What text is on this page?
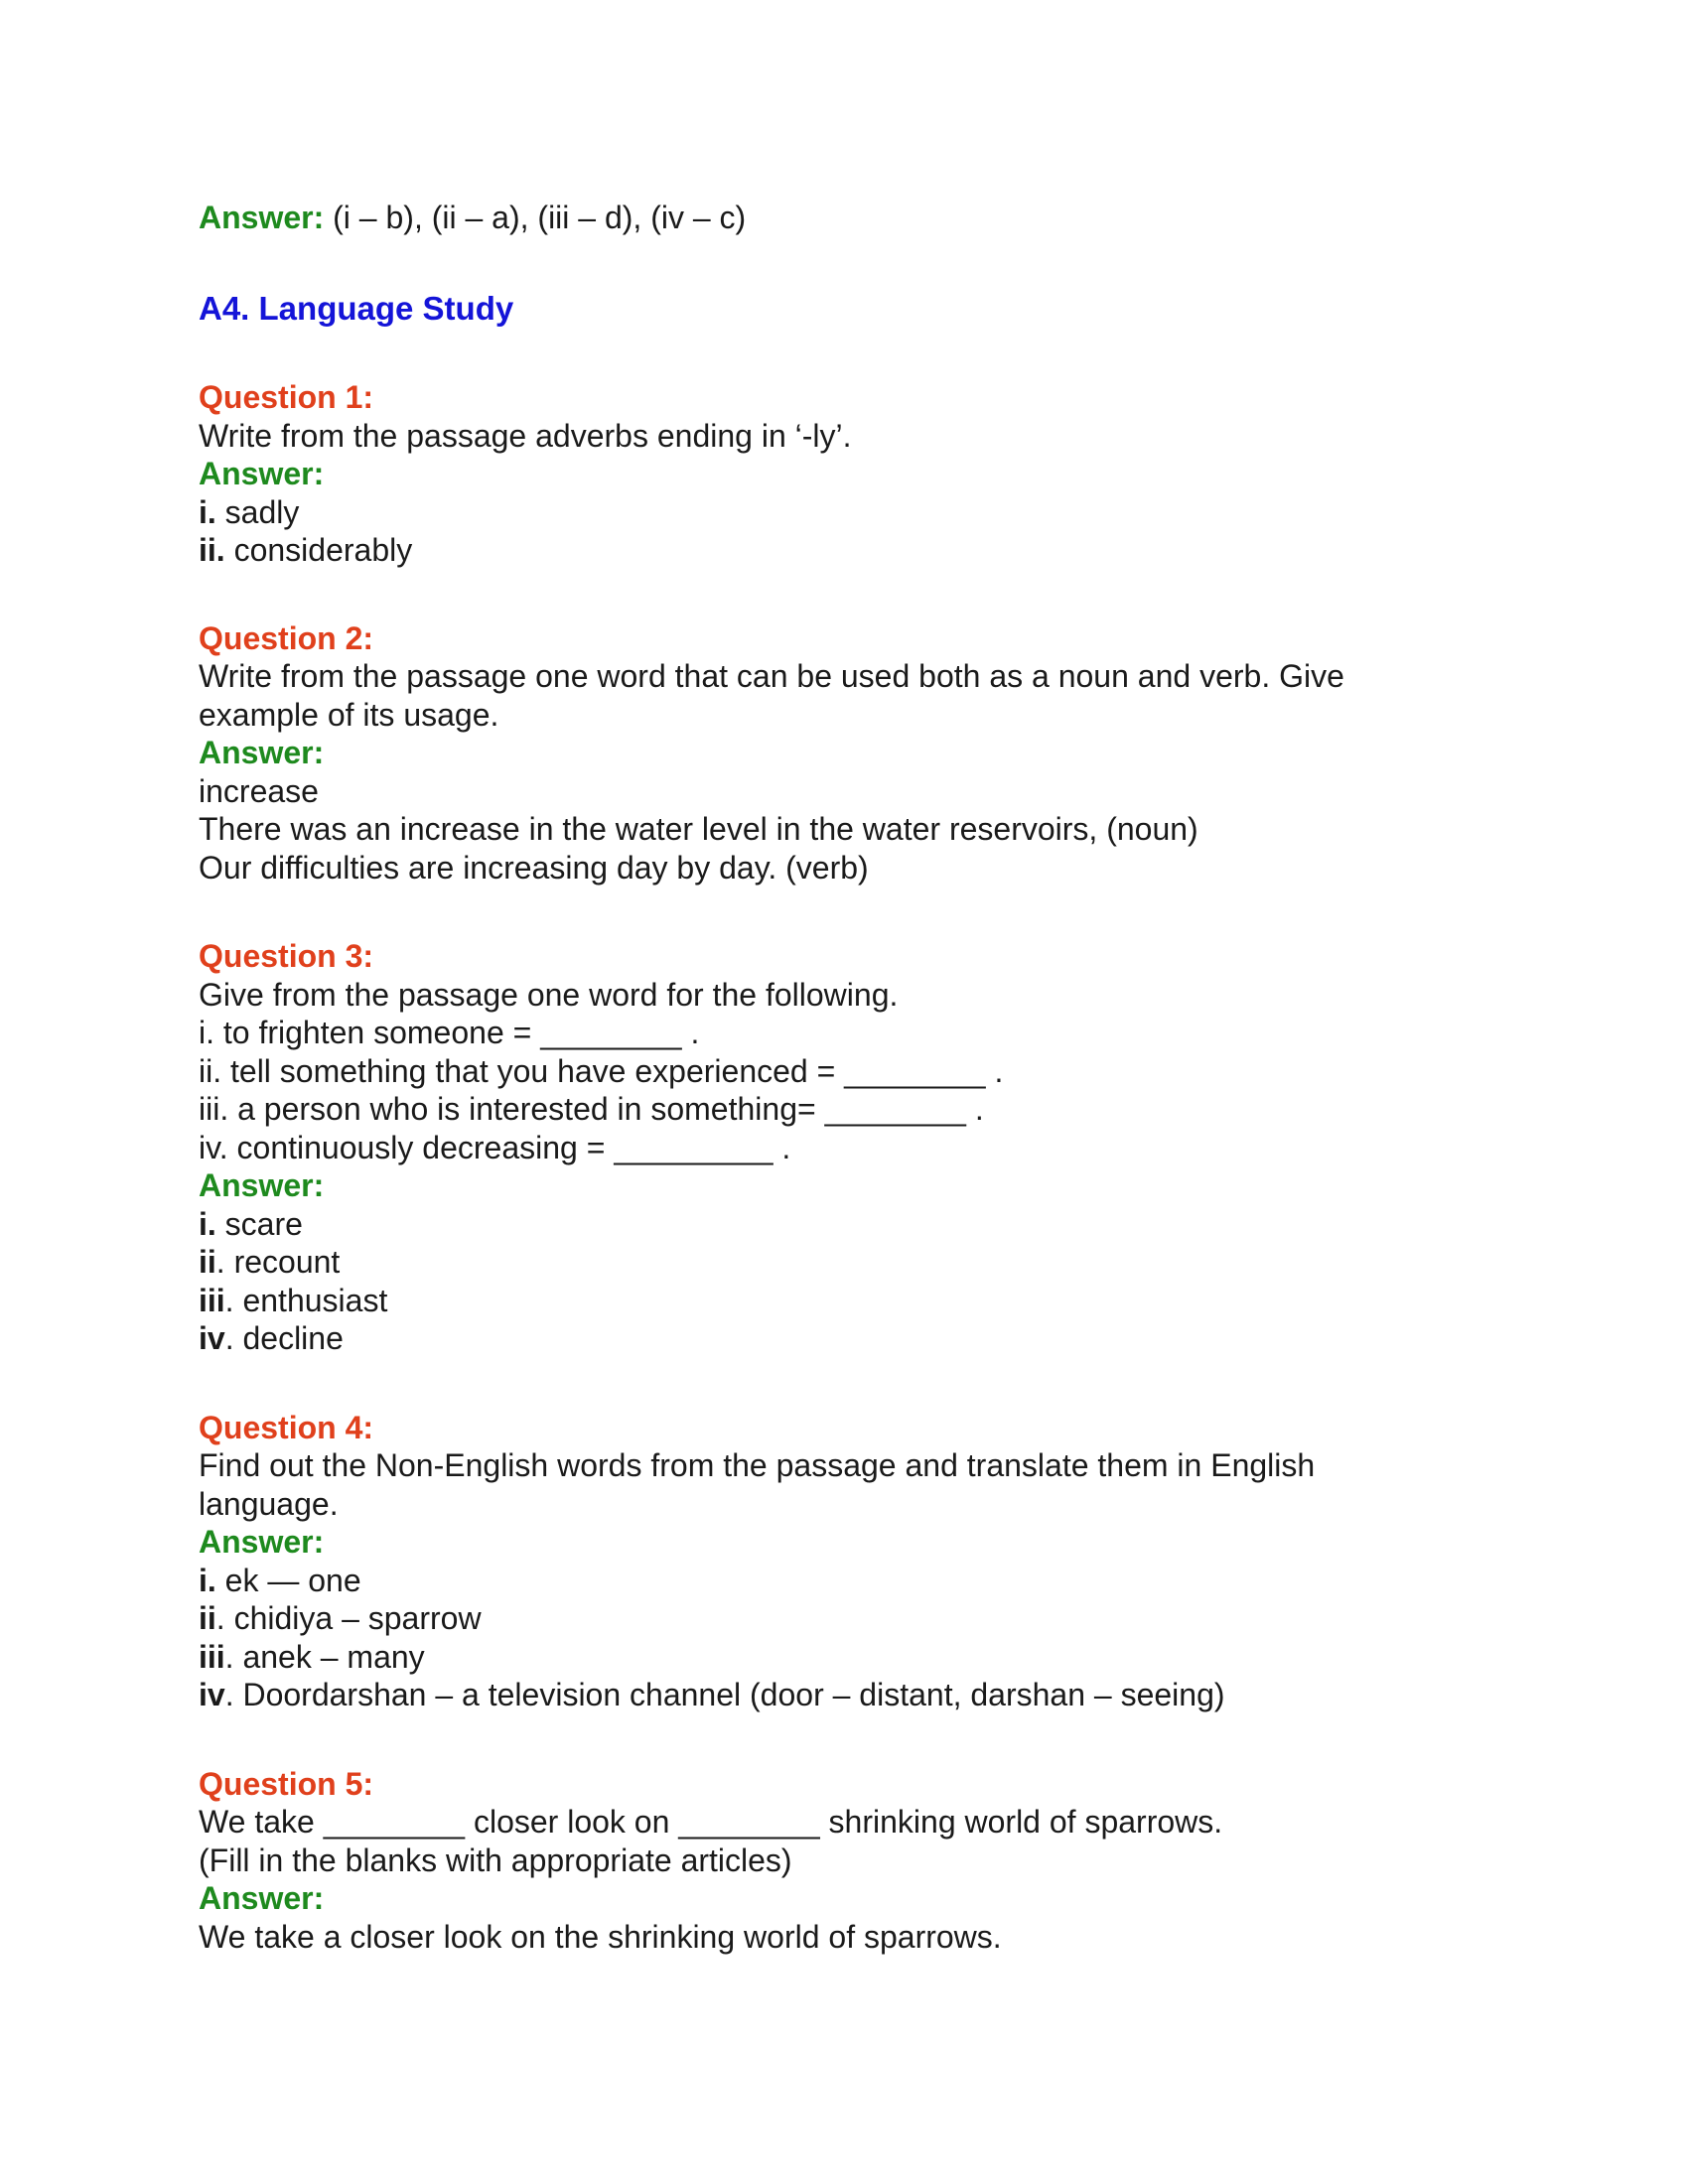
Answer: (i – b), (ii – a), (iii – d), (iv – c)
A4. Language Study
Question 1:
Write from the passage adverbs ending in ‘-ly’.
Answer:
i. sadly
ii. considerably
Question 2:
Write from the passage one word that can be used both as a noun and verb. Give example of its usage.
Answer:
increase
There was an increase in the water level in the water reservoirs, (noun)
Our difficulties are increasing day by day. (verb)
Question 3:
Give from the passage one word for the following.
i. to frighten someone = ________ .
ii. tell something that you have experienced = ________ .
iii. a person who is interested in something= ________ .
iv. continuously decreasing = _________ .
Answer:
i. scare
ii. recount
iii. enthusiast
iv. decline
Question 4:
Find out the Non-English words from the passage and translate them in English language.
Answer:
i. ek — one
ii. chidiya – sparrow
iii. anek – many
iv. Doordarshan – a television channel (door – distant, darshan – seeing)
Question 5:
We take ________ closer look on ________ shrinking world of sparrows.
(Fill in the blanks with appropriate articles)
Answer:
We take a closer look on the shrinking world of sparrows.
